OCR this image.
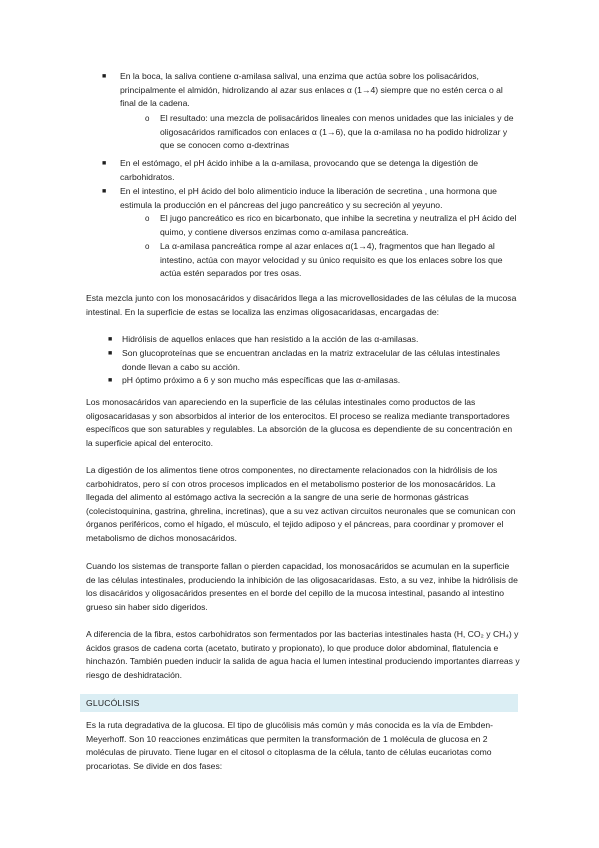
■ En la boca, la saliva contiene α-amilasa salival, una enzima que actúa sobre los polisacáridos, principalmente el almidón, hidrolizando al azar sus enlaces α (1→4) siempre que no estén cerca o al final de la cadena.

o El resultado: una mezcla de polisacáridos lineales con menos unidades que las iniciales y de oligosacáridos ramificados con enlaces α (1→6), que la α-amilasa no ha podido hidrolizar y que se conocen como α-dextrinas

■ En el estómago, el pH ácido inhibe a la α-amilasa, provocando que se detenga la digestión de carbohidratos.

■ En el intestino, el pH ácido del bolo alimenticio induce la liberación de secretina , una hormona que estimula la producción en el páncreas del jugo pancreático y su secreción al yeyuno.

o El jugo pancreático es rico en bicarbonato, que inhibe la secretina y neutraliza el pH ácido del quimo, y contiene diversos enzimas como α-amilasa pancreática.

o La α-amilasa pancreática rompe al azar enlaces α(1→4), fragmentos que han llegado al intestino, actúa con mayor velocidad y su único requisito es que los enlaces sobre los que actúa estén separados por tres osas.

Esta mezcla junto con los monosacáridos y disacáridos llega a las microvellosidades de las células de la mucosa intestinal. En la superficie de estas se localiza las enzimas oligosacaridasas, encargadas de:

■ Hidrólisis de aquellos enlaces que han resistido a la acción de las α-amilasas.

■ Son glucoproteínas que se encuentran ancladas en la matriz extracelular de las células intestinales donde llevan a cabo su acción.

■ pH óptimo próximo a 6 y son mucho más específicas que las α-amilasas.

Los monosacáridos van apareciendo en la superficie de las células intestinales como productos de las oligosacaridasas y son absorbidos al interior de los enterocitos. El proceso se realiza mediante transportadores específicos que son saturables y regulables. La absorción de la glucosa es dependiente de su concentración en la superficie apical del enterocito.

La digestión de los alimentos tiene otros componentes, no directamente relacionados con la hidrólisis de los carbohidratos, pero sí con otros procesos implicados en el metabolismo posterior de los monosacáridos. La llegada del alimento al estómago activa la secreción a la sangre de una serie de hormonas gástricas (colecistoquinina, gastrina, ghrelina, incretinas), que a su vez activan circuitos neuronales que se comunican con órganos periféricos, como el hígado, el músculo, el tejido adiposo y el páncreas, para coordinar y promover el metabolismo de dichos monosacáridos.

Cuando los sistemas de transporte fallan o pierden capacidad, los monosacáridos se acumulan en la superficie de las células intestinales, produciendo la inhibición de las oligosacaridasas. Esto, a su vez, inhibe la hidrólisis de los disacáridos y oligosacáridos presentes en el borde del cepillo de la mucosa intestinal, pasando al intestino grueso sin haber sido digeridos.

A diferencia de la fibra, estos carbohidratos son fermentados por las bacterias intestinales hasta (H, CO₂ y CH₄) y ácidos grasos de cadena corta (acetato, butirato y propionato), lo que produce dolor abdominal, flatulencia e hinchazón. También pueden inducir la salida de agua hacia el lumen intestinal produciendo importantes diarreas y riesgo de deshidratación.

GLUCÓLISIS

Es la ruta degradativa de la glucosa. El tipo de glucólisis más común y más conocida es la vía de Embden-Meyerhoff. Son 10 reacciones enzimáticas que permiten la transformación de 1 molécula de glucosa en 2 moléculas de piruvato. Tiene lugar en el citosol o citoplasma de la célula, tanto de células eucariotas como procariotas. Se divide en dos fases:
